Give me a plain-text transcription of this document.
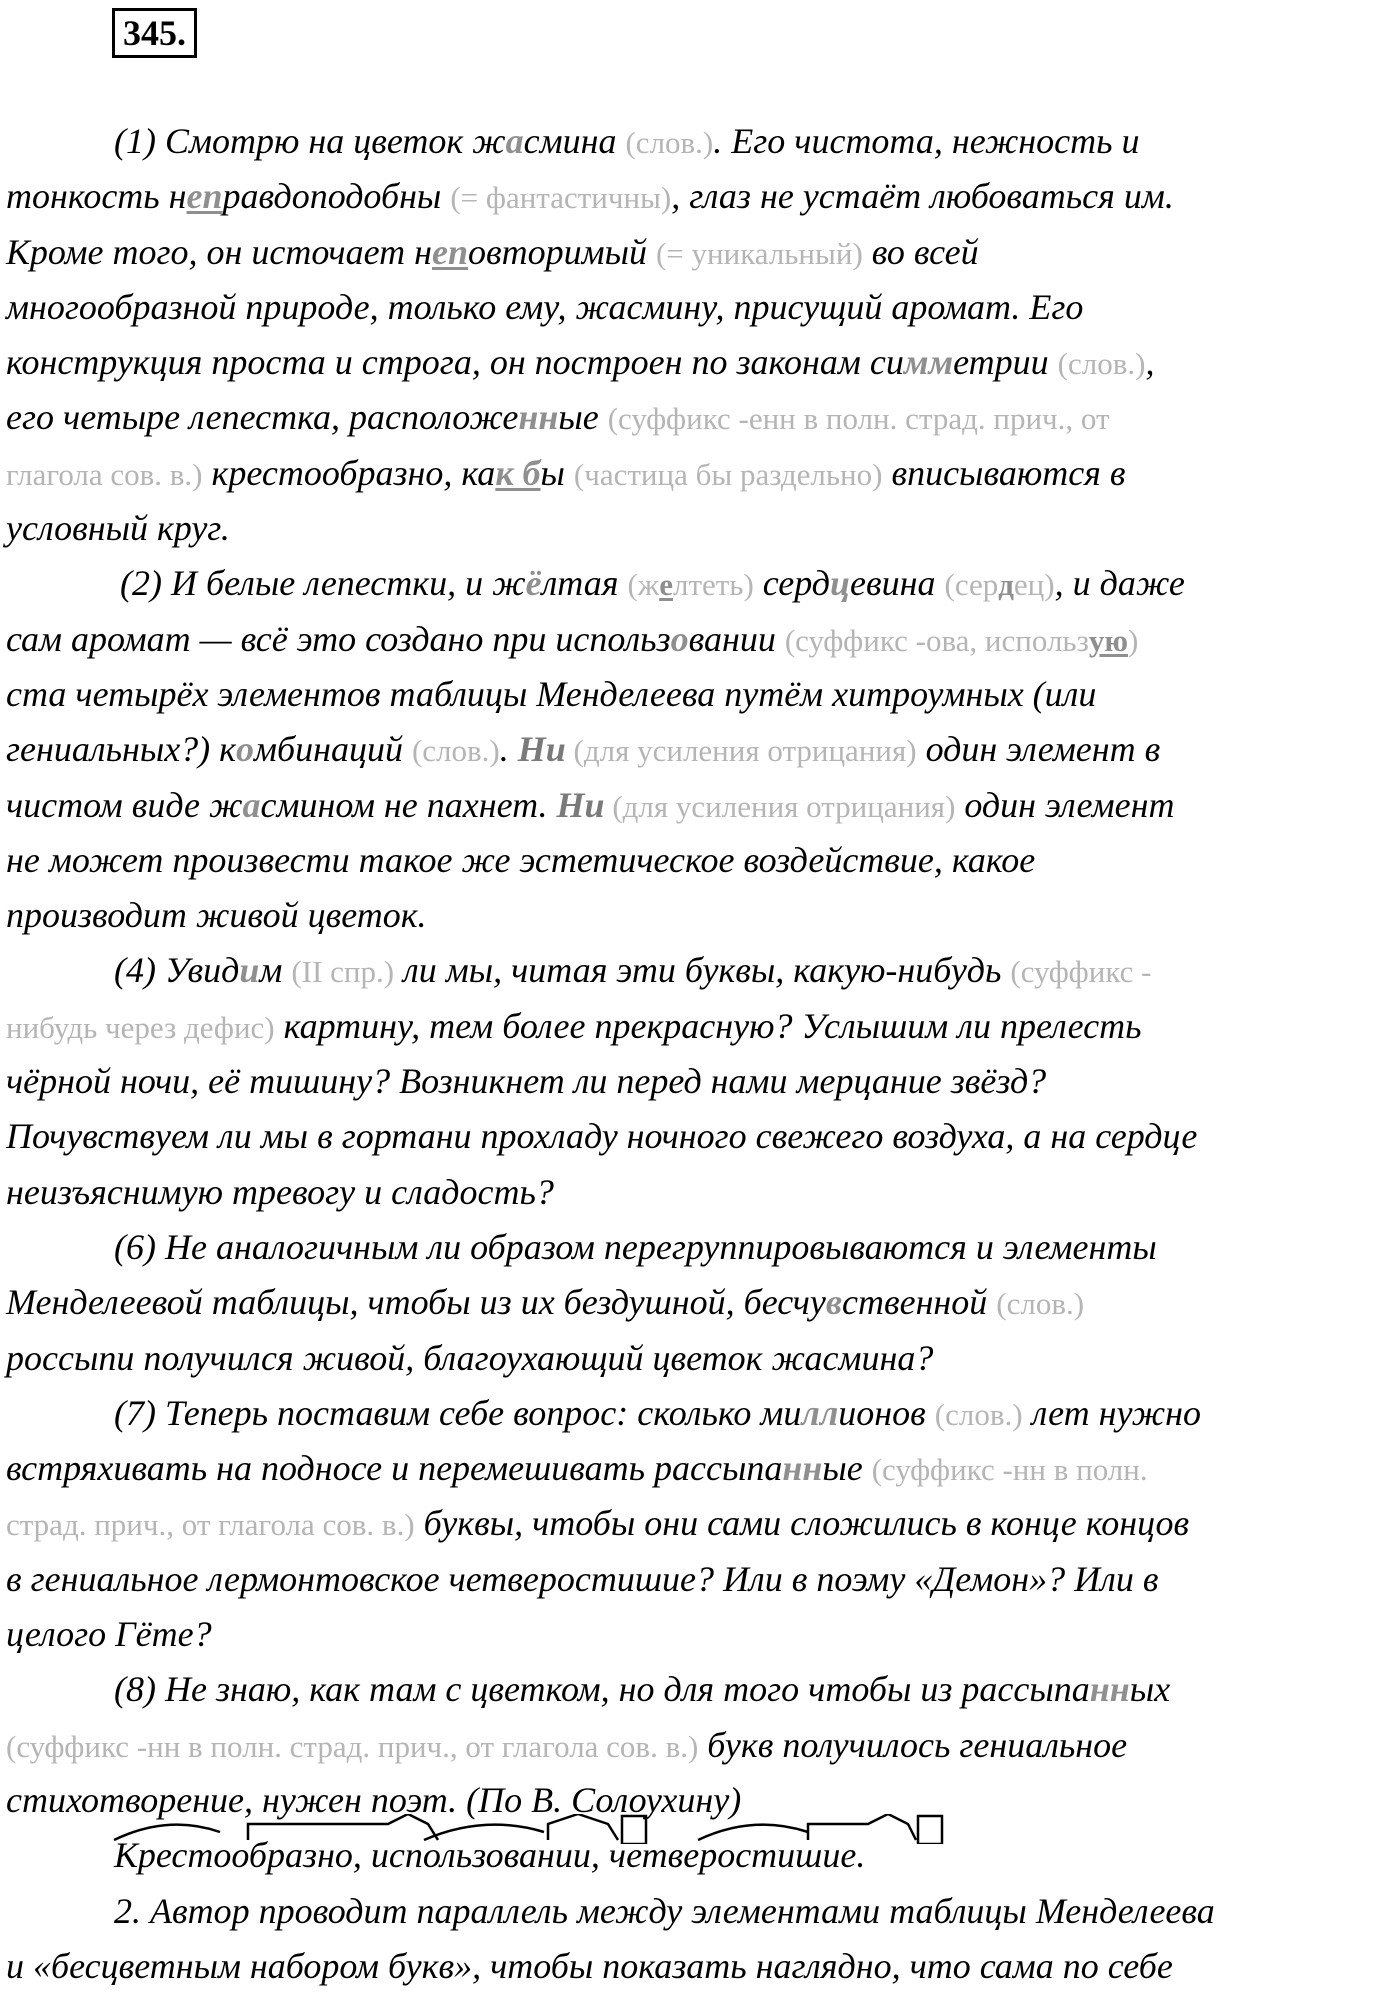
345.
(1) Смотрю на цветок жасмина (слов.). Его чистота, нежность и
тонкость неправдоподобны (= фантастичны), глаз не устаёт любоваться им.
Кроме того, он источает неповторимый (= уникальный) во всей
многообразной природе, только ему, жасмину, присущий аромат. Его
конструкция проста и строга, он построен по законам симметрии (слов.),
его четыре лепестка, расположенные (суффикс -енн в полн. страд. прич., от
глагола сов. в.) крестообразно, как бы (частица бы раздельно) вписываются в
условный круг.
(2) И белые лепестки, и жёлтая (желтеть) сердцевина (сердец), и даже
сам аромат — всё это создано при использовании (суффикс -ова, использую)
ста четырёх элементов таблицы Менделеева путём хитроумных (или
гениальных?) комбинаций (слов.). Ни (для усиления отрицания) один элемент в
чистом виде жасмином не пахнет. Ни (для усиления отрицания) один элемент
не может произвести такое же эстетическое воздействие, какое
производит живой цветок.
(4) Увидим (II спр.) ли мы, читая эти буквы, какую-нибудь (суффикс -
нибудь через дефис) картину, тем более прекрасную? Услышим ли прелесть
чёрной ночи, её тишину? Возникнет ли перед нами мерцание звёзд?
Почувствуем ли мы в гортани прохладу ночного свежего воздуха, а на сердце
неизъяснимую тревогу и сладость?
(6) Не аналогичным ли образом перегруппировываются и элементы
Менделеевой таблицы, чтобы из их бездушной, бесчувственной (слов.)
россыпи получился живой, благоухающий цветок жасмина?
(7) Теперь поставим себе вопрос: сколько миллионов (слов.) лет нужно
встряхивать на подносе и перемешивать рассыпанные (суффикс -нн в полн.
страд. прич., от глагола сов. в.) буквы, чтобы они сами сложились в конце концов
в гениальное лермонтовское четверостишие? Или в поэму «Демон»? Или в
целого Гёте?
(8) Не знаю, как там с цветком, но для того чтобы из рассыпанных
(суффикс -нн в полн. страд. прич., от глагола сов. в.) букв получилось гениальное
стихотворение, нужен поэт. (По В. Солоухину)
Крестообразно, использовании, четверостишие.
2. Автор проводит параллель между элементами таблицы Менделеева
и «бесцветным набором букв», чтобы показать наглядно, что сама по себе
